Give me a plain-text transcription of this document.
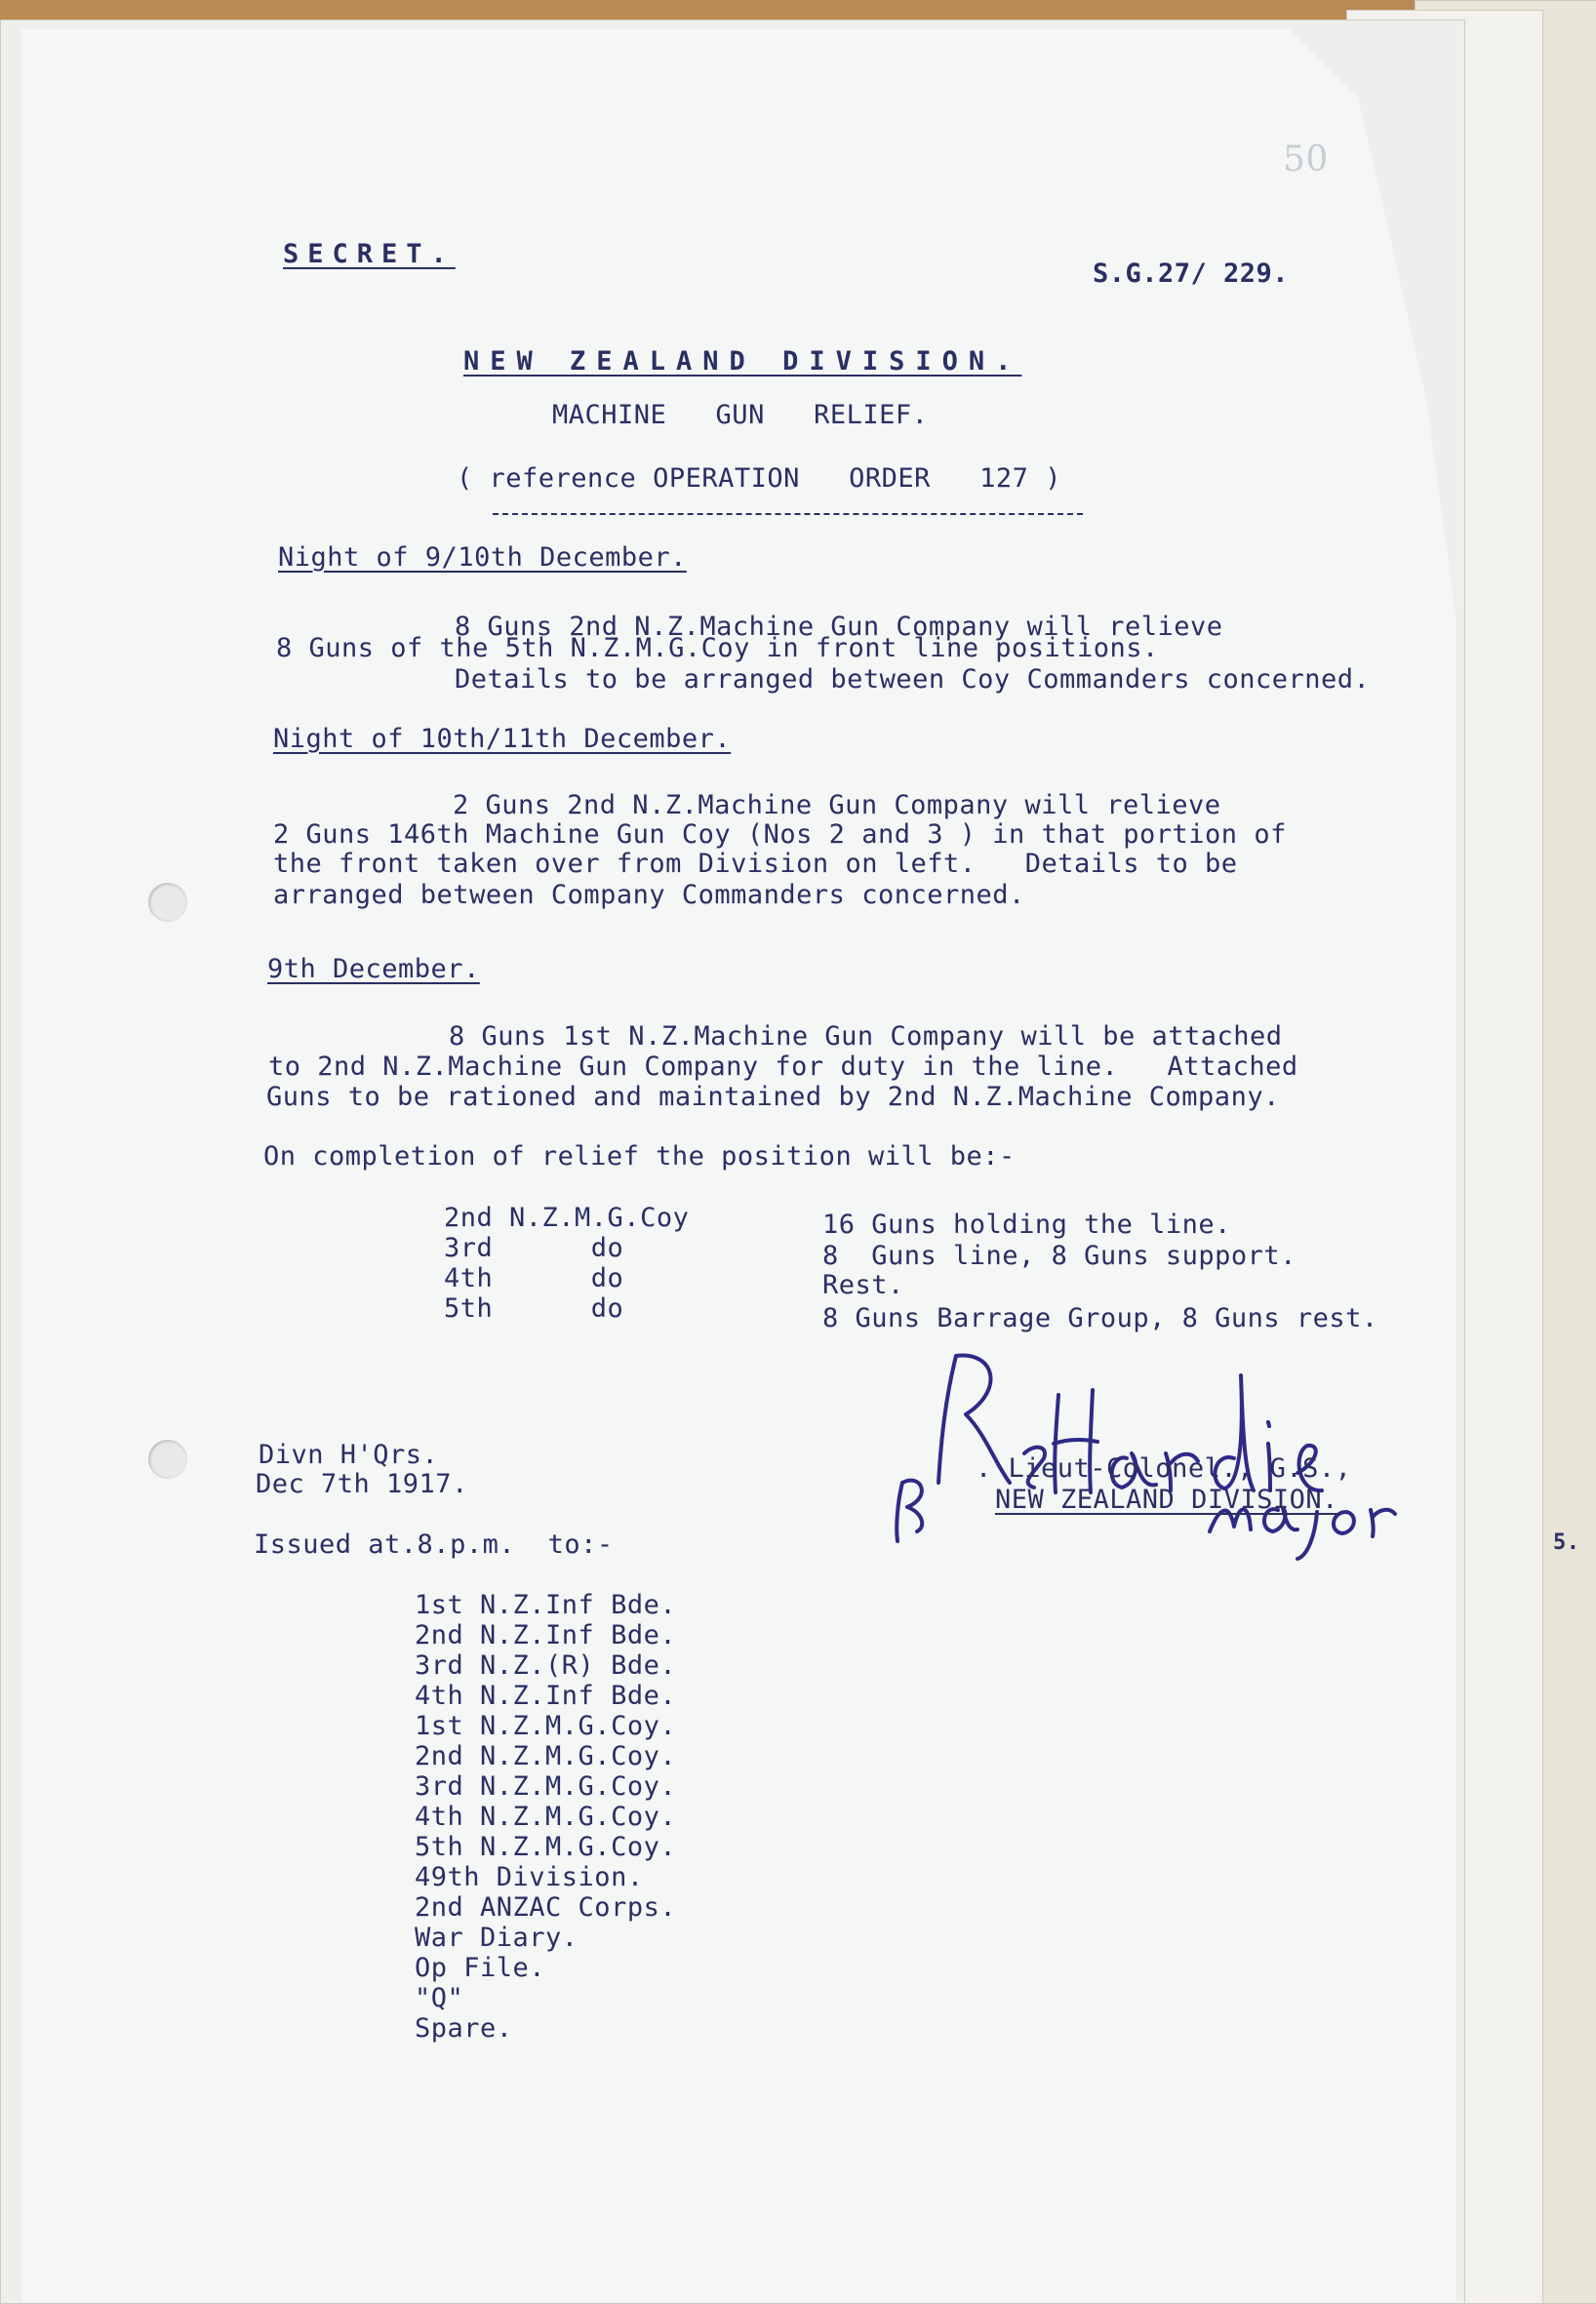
50

5.

SECRET.

S.G.27/ 229.

NEW ZEALAND DIVISION.

MACHINE   GUN   RELIEF.

( reference OPERATION   ORDER   127 )

Night of 9/10th December.

8 Guns 2nd N.Z.Machine Gun Company will relieve

8 Guns of the 5th N.Z.M.G.Coy in front line positions.

Details to be arranged between Coy Commanders concerned.

Night of 10th/11th December.

2 Guns 2nd N.Z.Machine Gun Company will relieve

2 Guns 146th Machine Gun Coy (Nos 2 and 3 ) in that portion of

the front taken over from Division on left.   Details to be

arranged between Company Commanders concerned.

9th December.

8 Guns 1st N.Z.Machine Gun Company will be attached

to 2nd N.Z.Machine Gun Company for duty in the line.   Attached

Guns to be rationed and maintained by 2nd N.Z.Machine Company.

On completion of relief the position will be:-

2nd N.Z.M.G.Coy

3rd      do

4th      do

5th      do

16 Guns holding the line.

8  Guns line, 8 Guns support.

Rest.

8 Guns Barrage Group, 8 Guns rest.

. Lieut-Colonel., G.S.,

NEW ZEALAND DIVISION.

Divn H'Qrs.

Dec 7th 1917.

Issued at.8.p.m.  to:-

1st N.Z.Inf Bde.

2nd N.Z.Inf Bde.

3rd N.Z.(R) Bde.

4th N.Z.Inf Bde.

1st N.Z.M.G.Coy.

2nd N.Z.M.G.Coy.

3rd N.Z.M.G.Coy.

4th N.Z.M.G.Coy.

5th N.Z.M.G.Coy.

49th Division.

2nd ANZAC Corps.

War Diary.

Op File.

"Q"

Spare.
